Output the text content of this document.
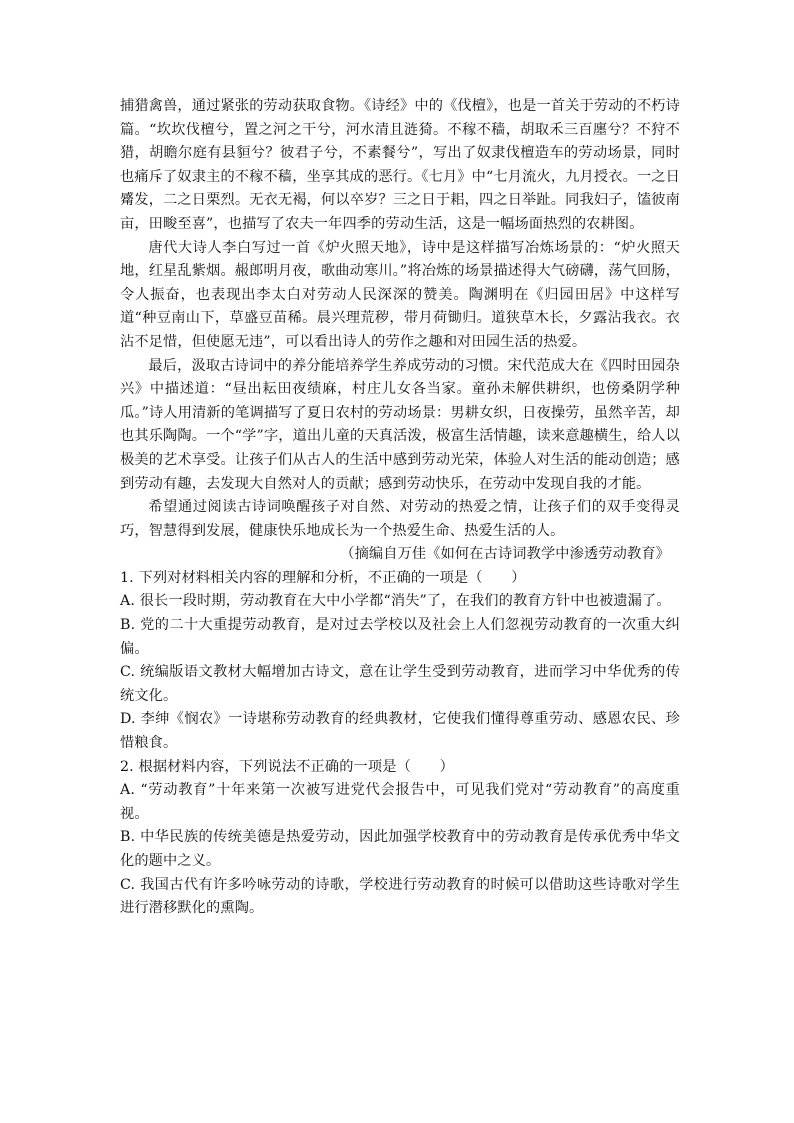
捕猎禽兽，通过紧张的劳动获取食物。《诗经》中的《伐檀》，也是一首关于劳动的不朽诗篇。“坎坎伐檀兮，置之河之干兮，河水清且涟猗。不稼不穑，胡取禾三百廛兮？不狩不猎，胡瞻尔庭有县貆兮？彼君子兮，不素餐兮”，写出了奴隶伐檀造车的劳动场景，同时也痛斥了奴隶主的不稼不穑，坐享其成的恶行。《七月》中“七月流火，九月授衣。一之日觱发，二之日栗烈。无衣无褐，何以卒岁？三之日于耜，四之日举趾。同我妇子，馌彼南亩，田畯至喜”，也描写了农夫一年四季的劳动生活，这是一幅场面热烈的农耕图。

唐代大诗人李白写过一首《炉火照天地》，诗中是这样描写冶炼场景的：“炉火照天地，红星乱紫烟。赧郎明月夜，歌曲动寒川。”将冶炼的场景描述得大气磅礴，荡气回肠，令人振奋，也表现出李太白对劳动人民深深的赞美。陶渊明在《归园田居》中这样写道“种豆南山下，草盛豆苗稀。晨兴理荒秽，带月荷锄归。道狭草木长，夕露沾我衣。衣沾不足惜，但使愿无违”，可以看出诗人的劳作之趣和对田园生活的热爱。

最后，汲取古诗词中的养分能培养学生养成劳动的习惯。宋代范成大在《四时田园杂兴》中描述道：“昼出耘田夜绩麻，村庄儿女各当家。童孙未解供耕织，也傍桑阴学种瓜。”诗人用清新的笔调描写了夏日农村的劳动场景：男耕女织，日夜操劳，虽然辛苦，却也其乐陶陶。一个“学”字，道出儿童的天真活泼，极富生活情趣，读来意趣横生，给人以极美的艺术享受。让孩子们从古人的生活中感到劳动光荣，体验人对生活的能动创造；感到劳动有趣，去发现大自然对人的贡献；感到劳动快乐，在劳动中发现自我的才能。

希望通过阅读古诗词唤醒孩子对自然、对劳动的热爱之情，让孩子们的双手变得灵巧，智慧得到发展，健康快乐地成长为一个热爱生命、热爱生活的人。

（摘编自万佳《如何在古诗词教学中渗透劳动教育》

1. 下列对材料相关内容的理解和分析，不正确的一项是（　　）

A. 很长一段时期，劳动教育在大中小学都“消失”了，在我们的教育方针中也被遗漏了。

B. 党的二十大重提劳动教育，是对过去学校以及社会上人们忽视劳动教育的一次重大纠偏。

C. 统编版语文教材大幅增加古诗文，意在让学生受到劳动教育，进而学习中华优秀的传统文化。

D. 李绅《悯农》一诗堪称劳动教育的经典教材，它使我们懂得尊重劳动、感恩农民、珍惜粮食。

2. 根据材料内容，下列说法不正确的一项是（　　）

A. “劳动教育”十年来第一次被写进党代会报告中，可见我们党对“劳动教育”的高度重视。

B. 中华民族的传统美德是热爱劳动，因此加强学校教育中的劳动教育是传承优秀中华文化的题中之义。

C. 我国古代有许多吟咏劳动的诗歌，学校进行劳动教育的时候可以借助这些诗歌对学生进行潜移默化的熏陶。
